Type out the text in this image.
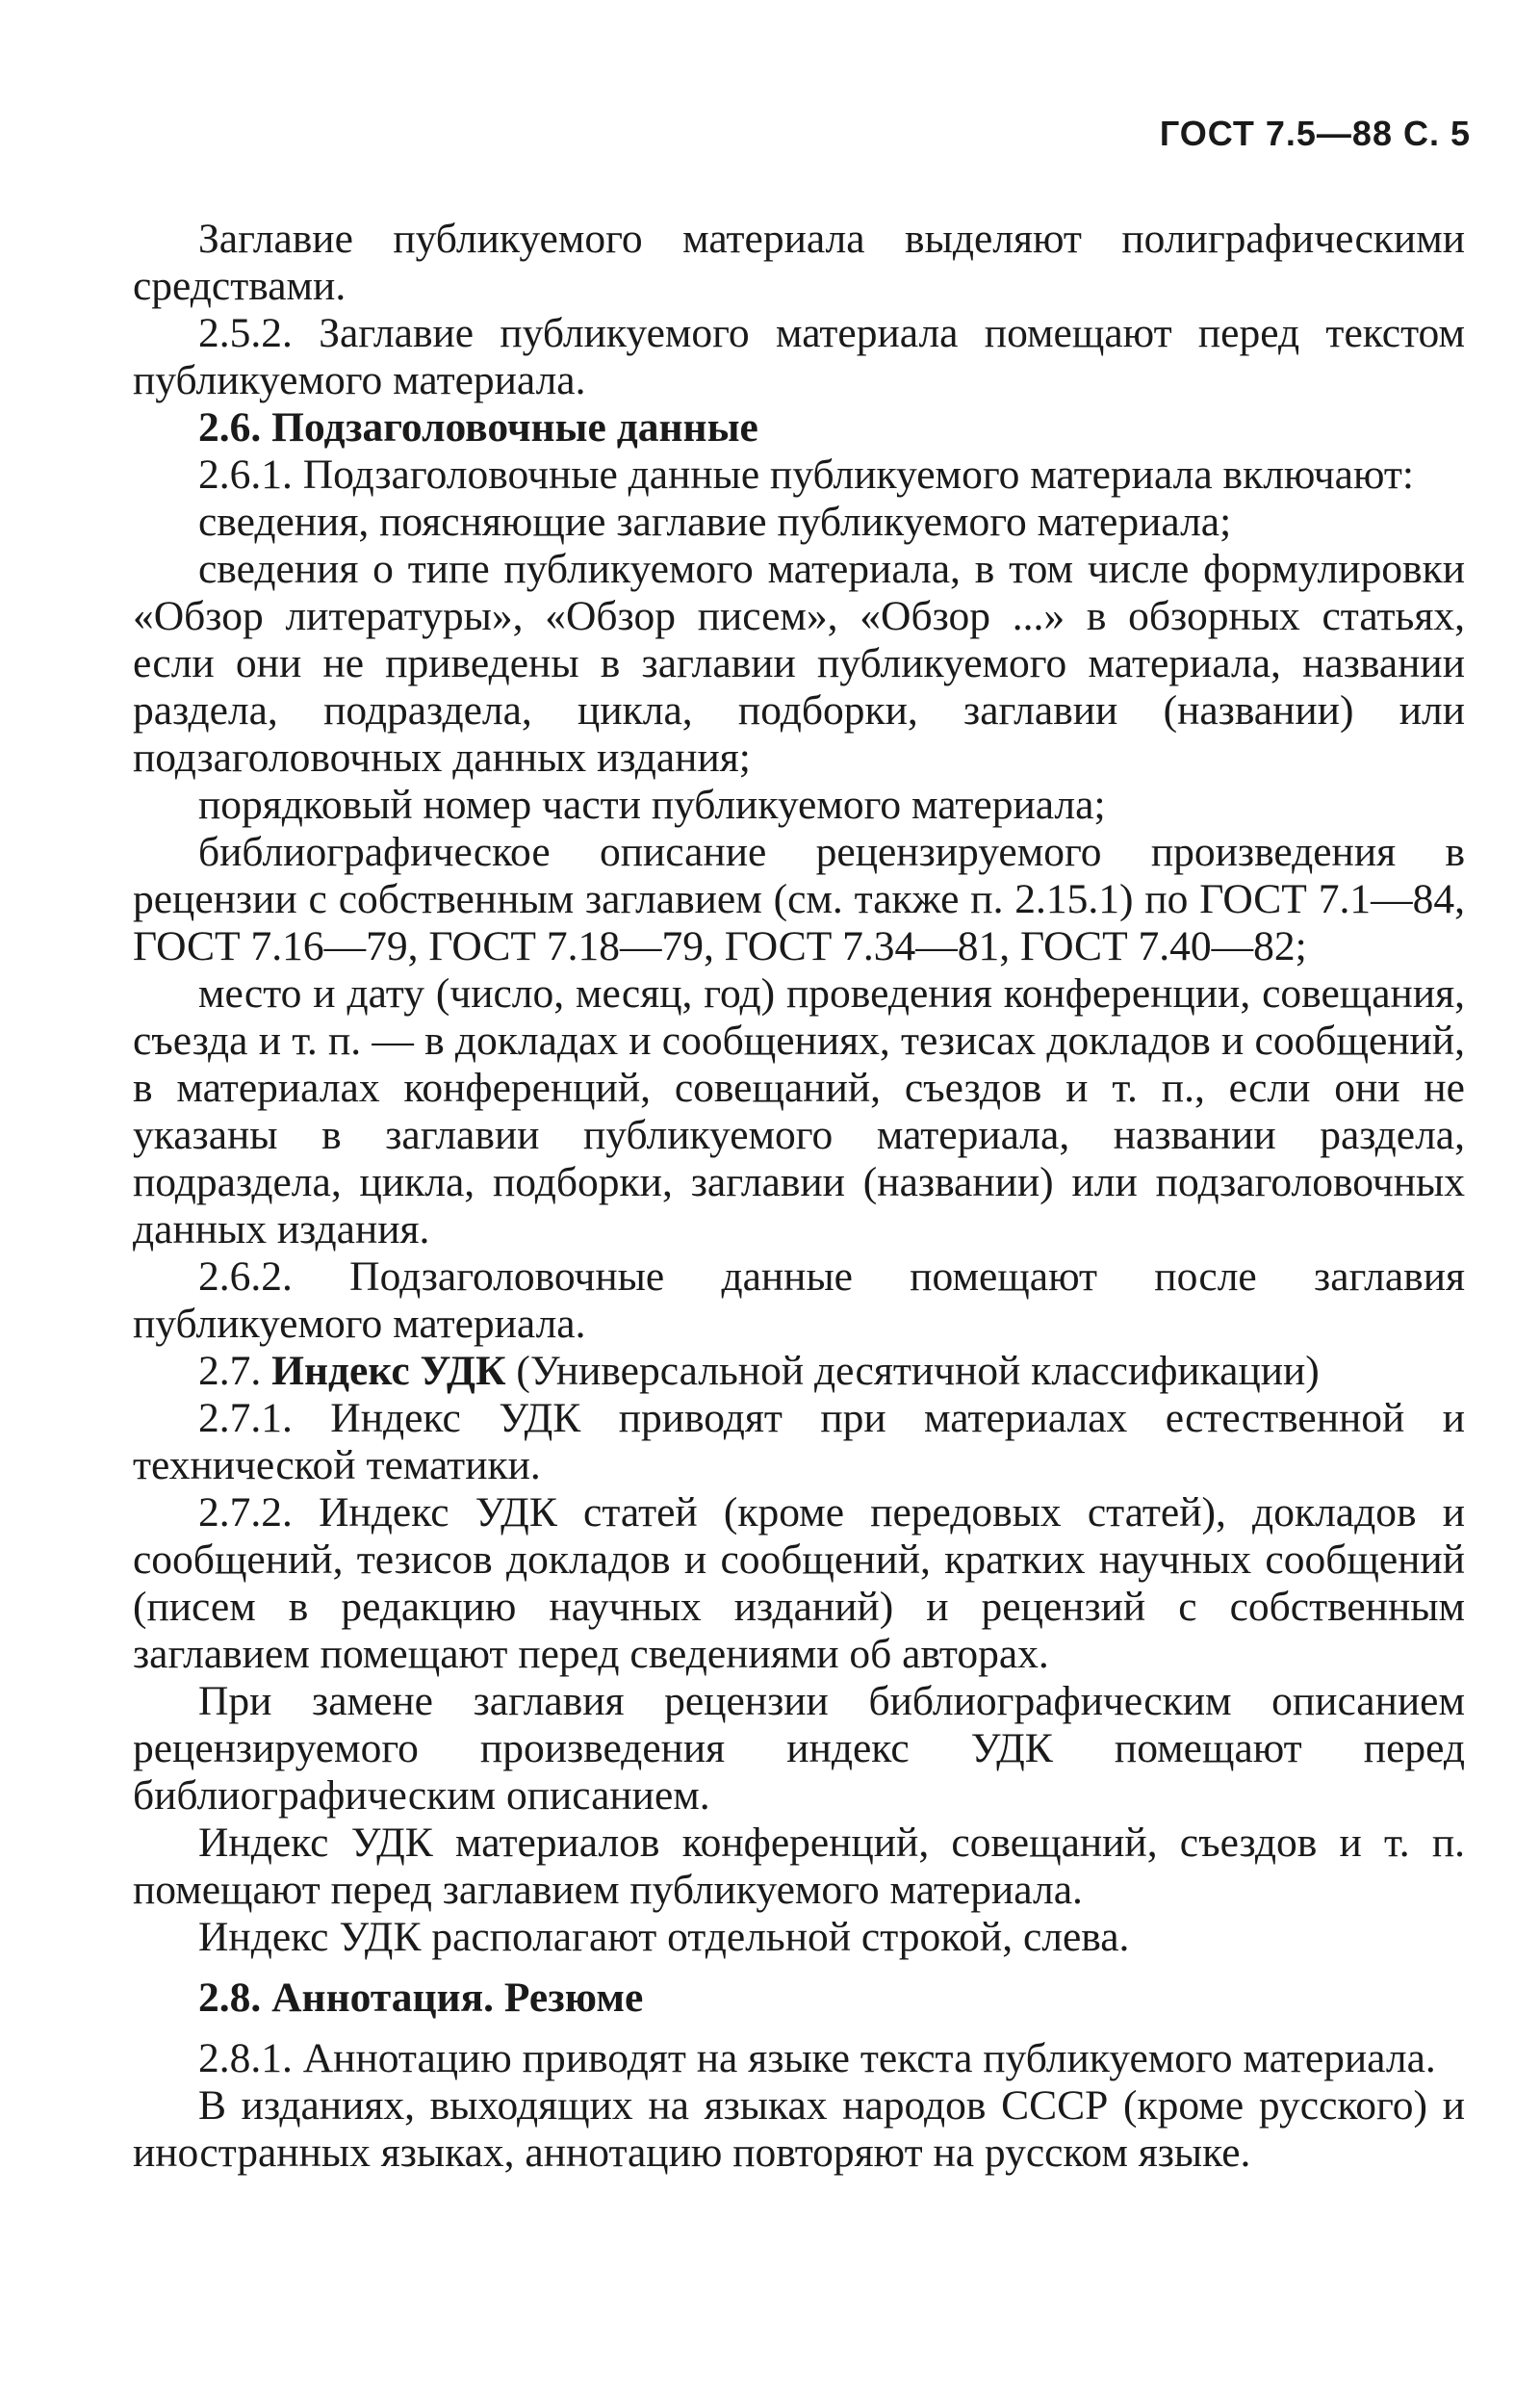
ГОСТ 7.5—88 С. 5

Заглавие публикуемого материала выделяют полиграфическими средствами.

2.5.2. Заглавие публикуемого материала помещают перед текстом публикуемого материала.

2.6. Подзаголовочные данные

2.6.1. Подзаголовочные данные публикуемого материала включают:

сведения, поясняющие заглавие публикуемого материала;

сведения о типе публикуемого материала, в том числе формулировки «Обзор литературы», «Обзор писем», «Обзор ...» в обзорных статьях, если они не приведены в заглавии публикуемого материала, названии раздела, подраздела, цикла, подборки, заглавии (названии) или подзаголовочных данных издания;

порядковый номер части публикуемого материала;

библиографическое описание рецензируемого произведения в рецензии с собственным заглавием (см. также п. 2.15.1) по ГОСТ 7.1—84, ГОСТ 7.16—79, ГОСТ 7.18—79, ГОСТ 7.34—81, ГОСТ 7.40—82;

место и дату (число, месяц, год) проведения конференции, совещания, съезда и т. п. — в докладах и сообщениях, тезисах докладов и сообщений, в материалах конференций, совещаний, съездов и т. п., если они не указаны в заглавии публикуемого материала, названии раздела, подраздела, цикла, подборки, заглавии (названии) или подзаголовочных данных издания.

2.6.2. Подзаголовочные данные помещают после заглавия публикуемого материала.

2.7. Индекс УДК (Универсальной десятичной классификации)

2.7.1. Индекс УДК приводят при материалах естественной и технической тематики.

2.7.2. Индекс УДК статей (кроме передовых статей), докладов и сообщений, тезисов докладов и сообщений, кратких научных сообщений (писем в редакцию научных изданий) и рецензий с собственным заглавием помещают перед сведениями об авторах.

При замене заглавия рецензии библиографическим описанием рецензируемого произведения индекс УДК помещают перед библиографическим описанием.

Индекс УДК материалов конференций, совещаний, съездов и т. п. помещают перед заглавием публикуемого материала.

Индекс УДК располагают отдельной строкой, слева.

2.8. Аннотация. Резюме

2.8.1. Аннотацию приводят на языке текста публикуемого материала.

В изданиях, выходящих на языках народов СССР (кроме русского) и иностранных языках, аннотацию повторяют на русском языке.
